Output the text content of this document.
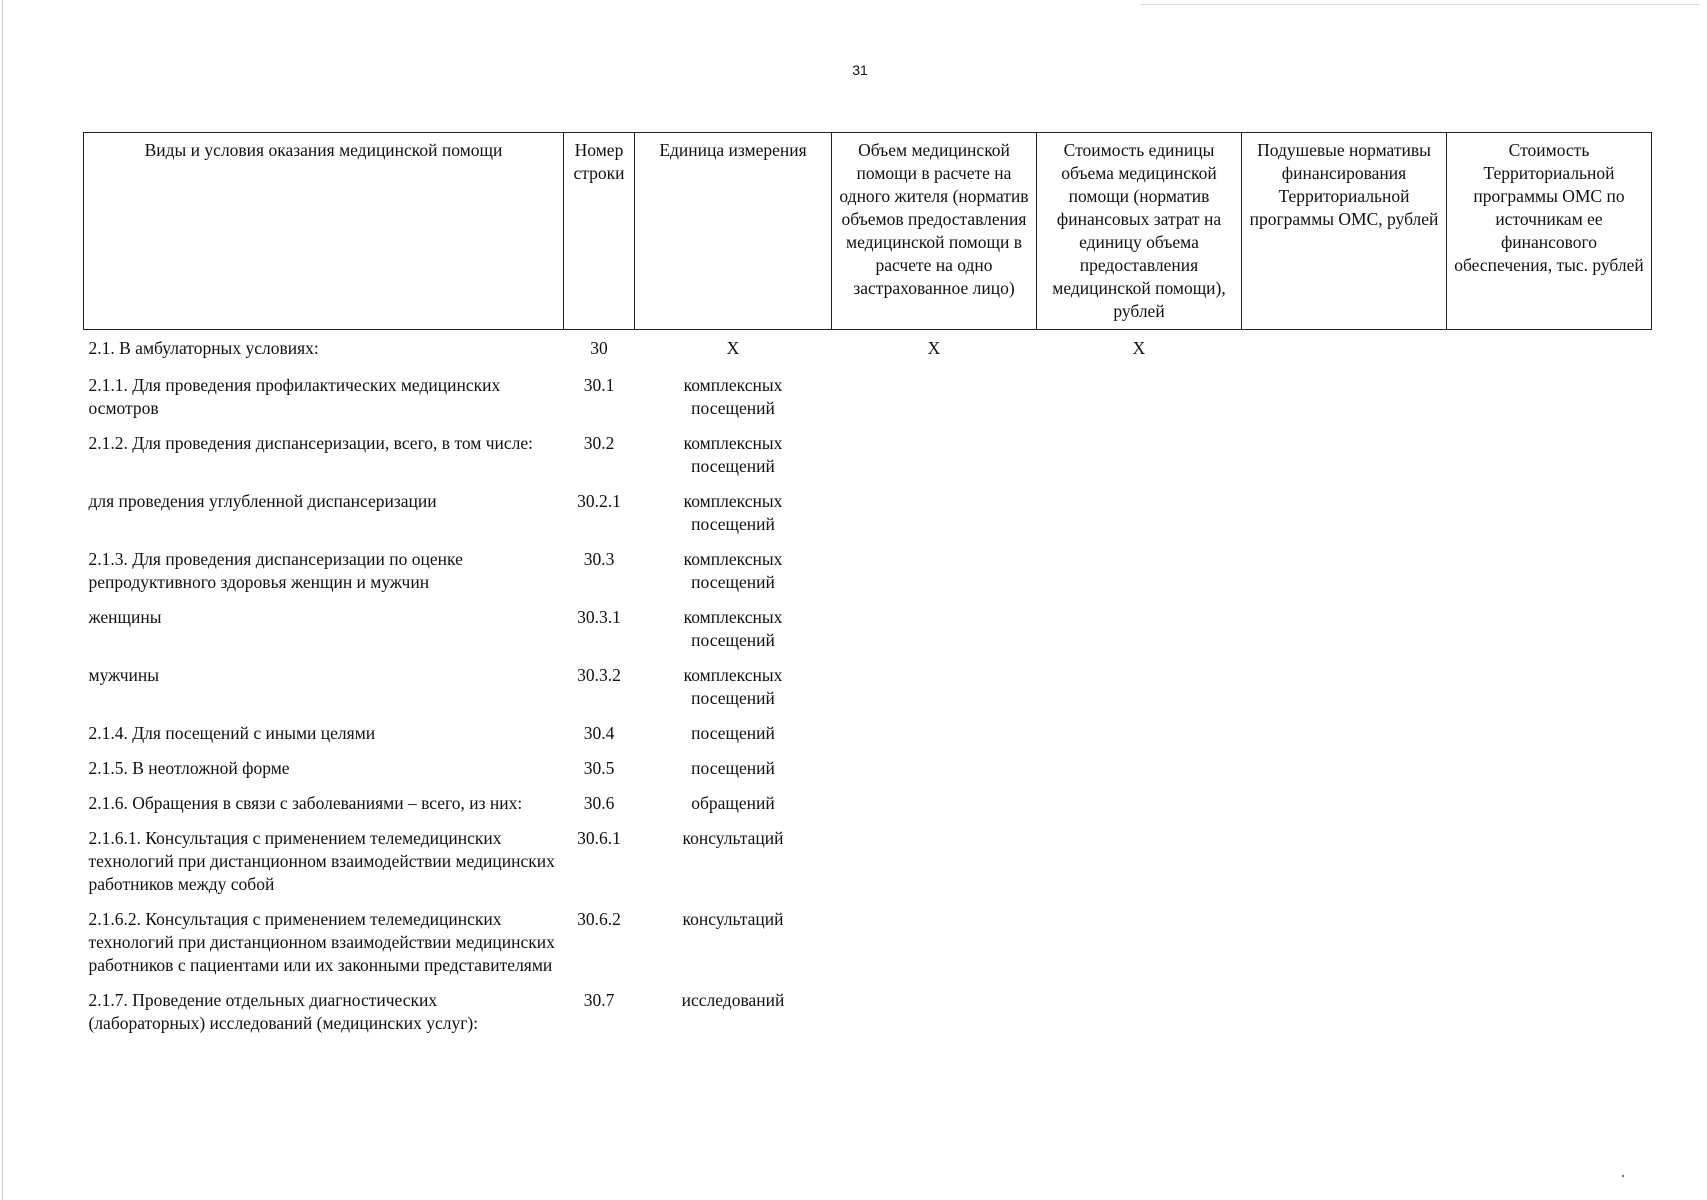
31
Виды и условия оказания медицинской помощи	Номер строки	Единица измерения	Объем медицинской помощи в расчете на одного жителя (норматив объемов предоставления медицинской помощи в расчете на одно застрахованное лицо)	Стоимость единицы объема медицинской помощи (норматив финансовых затрат на единицу объема предоставления медицинской помощи), рублей	Подушевые нормативы финансирования Территориальной программы ОМС, рублей	Стоимость Территориальной программы ОМС по источникам ее финансового обеспечения, тыс. рублей
2.1. В амбулаторных условиях:	30	Х	Х	Х		
2.1.1. Для проведения профилактических медицинских осмотров	30.1	комплексных посещений				
2.1.2. Для проведения диспансеризации, всего, в том числе:	30.2	комплексных посещений				
для проведения углубленной диспансеризации	30.2.1	комплексных посещений				
2.1.3. Для проведения диспансеризации по оценке репродуктивного здоровья женщин и мужчин	30.3	комплексных посещений				
женщины	30.3.1	комплексных посещений				
мужчины	30.3.2	комплексных посещений				
2.1.4. Для посещений с иными целями	30.4	посещений				
2.1.5. В неотложной форме	30.5	посещений				
2.1.6. Обращения в связи с заболеваниями – всего, из них:	30.6	обращений				
2.1.6.1. Консультация с применением телемедицинских технологий при дистанционном взаимодействии медицинских работников между собой	30.6.1	консультаций				
2.1.6.2. Консультация с применением телемедицинских технологий при дистанционном взаимодействии медицинских работников с пациентами или их законными представителями	30.6.2	консультаций				
2.1.7. Проведение отдельных диагностических (лабораторных) исследований (медицинских услуг):	30.7	исследований				
